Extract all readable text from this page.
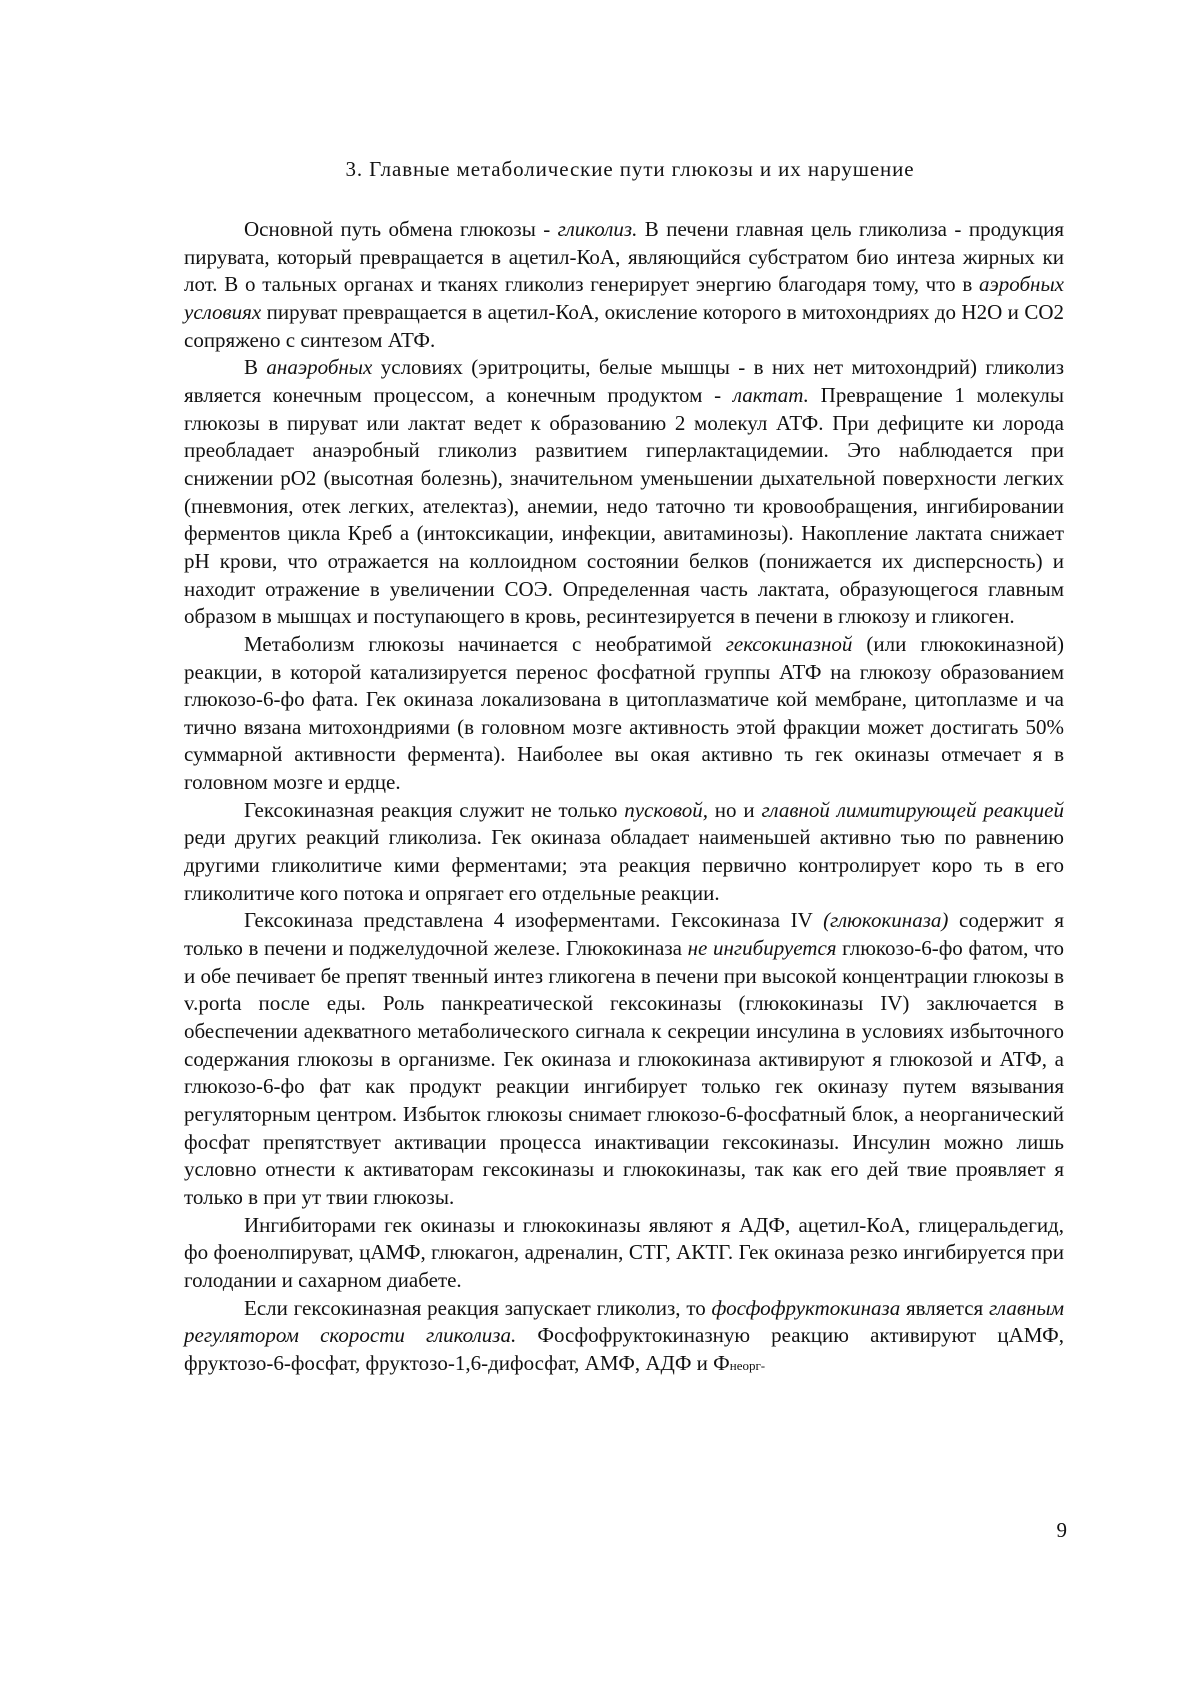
3. Главные метаболические пути глюкозы и их нарушение

Основной путь обмена глюкозы - гликолиз. В печени главная цель гликолиза - продукция пирувата, который превращается в ацетил-КоА, являющийся субстратом био интеза жирных ки лот. В о тальных органах и тканях гликолиз генерирует энергию благодаря тому, что в аэробных условиях пируват превращается в ацетил-КоА, окисление которого в митохондриях до H2O и CO2 сопряжено с синтезом АТФ.

В анаэробных условиях (эритроциты, белые мышцы - в них нет митохондрий) гликолиз является конечным процессом, а конечным продуктом - лактат. Превращение 1 молекулы глюкозы в пируват или лактат ведет к образованию 2 молекул АТФ. При дефиците ки лорода преобладает анаэробный гликолиз развитием гиперлактацидемии. Это наблюдается при снижении pO2 (высотная болезнь), значительном уменьшении дыхательной поверхности легких (пневмония, отек легких, ателектаз), анемии, недо таточно ти кровообращения, ингибировании ферментов цикла Креб а (интоксикации, инфекции, авитаминозы). Накопление лактата снижает pH крови, что отражается на коллоидном состоянии белков (понижается их дисперсность) и находит отражение в увеличении СОЭ. Определенная часть лактата, образующегося главным образом в мышцах и поступающего в кровь, ресинтезируется в печени в глюкозу и гликоген.

Метаболизм глюкозы начинается с необратимой гексокиназной (или глюкокиназной) реакции, в которой катализируется перенос фосфатной группы АТФ на глюкозу образованием глюкозо-6-фо фата. Гек окиназа локализована в цитоплазматиче кой мембране, цитоплазме и ча тично вязана митохондриями (в головном мозге активность этой фракции может достигать 50% суммарной активности фермента). Наиболее вы окая активно ть гек окиназы отмечает я в головном мозге и ердце.

Гексокиназная реакция служит не только пусковой, но и главной лимитирующей реакцией реди других реакций гликолиза. Гек окиназа обладает наименьшей активно тью по равнению другими гликолитиче кими ферментами; эта реакция первично контролирует коро ть в его гликолитиче кого потока и опрягает его отдельные реакции.

Гексокиназа представлена 4 изоферментами. Гексокиназа IV (глюкокиназа) содержит я только в печени и поджелудочной железе. Глюкокиназа не ингибируется глюкозо-6-фо фатом, что и обе печивает бе препят твенный интез гликогена в печени при высокой концентрации глюкозы в v.porta после еды. Роль панкреатической гексокиназы (глюкокиназы IV) заключается в обеспечении адекватного метаболического сигнала к секреции инсулина в условиях избыточного содержания глюкозы в организме. Гек окиназа и глюкокиназа активируют я глюкозой и АТФ, а глюкозо-6-фо фат как продукт реакции ингибирует только гек окиназу путем вязывания регуляторным центром. Избыток глюкозы снимает глюкозо-6-фосфатный блок, а неорганический фосфат препятствует активации процесса инактивации гексокиназы. Инсулин можно лишь условно отнести к активаторам гексокиназы и глюкокиназы, так как его дей твие проявляет я только в при ут твии глюкозы.

Ингибиторами гек окиназы и глюкокиназы являют я АДФ, ацетил-КоА, глицеральдегид, фо фоенолпируват, цАМФ, глюкагон, адреналин, СТГ, АКТГ. Гек окиназа резко ингибируется при голодании и сахарном диабете.

Если гексокиназная реакция запускает гликолиз, то фосфофруктокиназа является главным регулятором скорости гликолиза. Фосфофруктокиназную реакцию активируют цАМФ, фруктозо-6-фосфат, фруктозо-1,6-дифосфат, АМФ, АДФ и Фнеорг-

9
